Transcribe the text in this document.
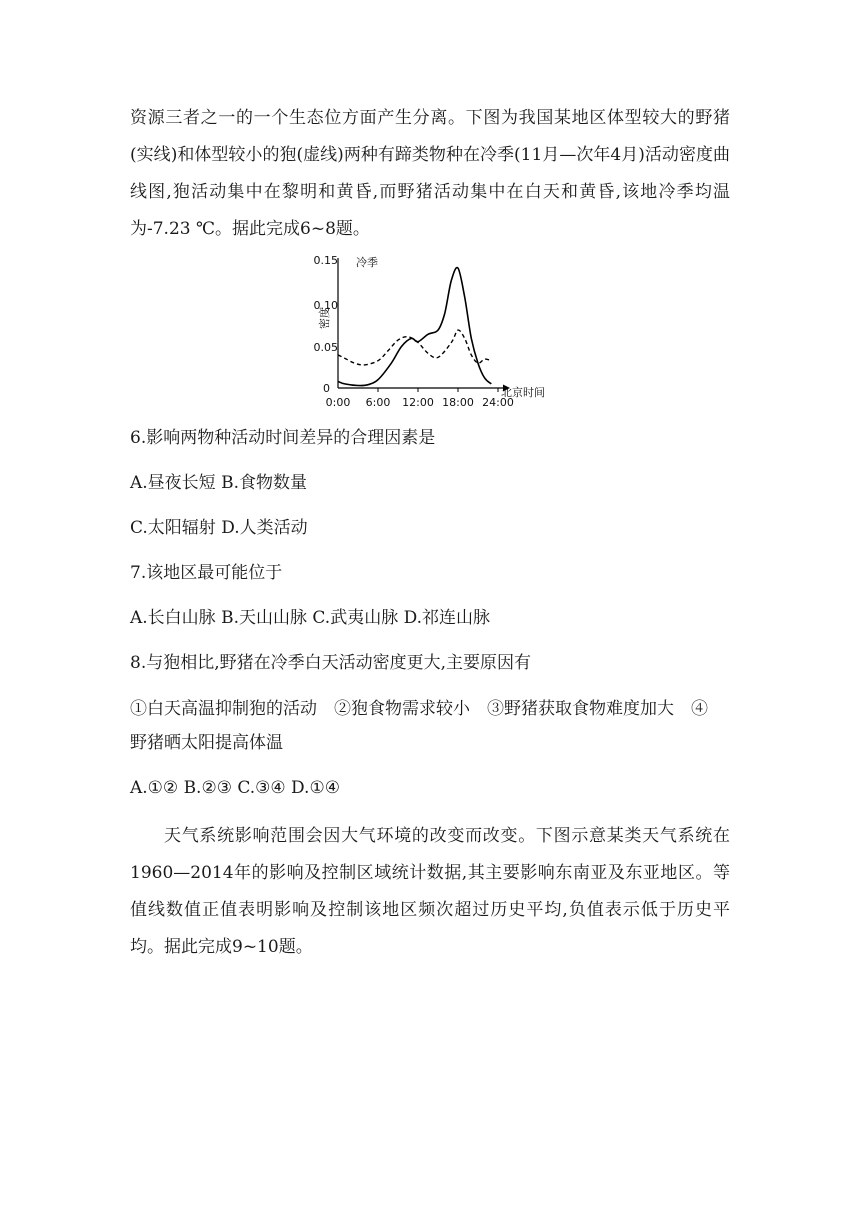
资源三者之一的一个生态位方面产生分离。下图为我国某地区体型较大的野猪(实线)和体型较小的狍(虚线)两种有蹄类物种在冷季(11月—次年4月)活动密度曲线图,狍活动集中在黎明和黄昏,而野猪活动集中在白天和黄昏,该地冷季均温为-7.23 ℃。据此完成6~8题。

0.15
0.10
0.05
0
密度
冷季
北京时间
0:00 6:00 12:00 18:00 24:00

6.影响两物种活动时间差异的合理因素是

A.昼夜长短 B.食物数量

C.太阳辐射 D.人类活动

7.该地区最可能位于

A.长白山脉 B.天山山脉 C.武夷山脉 D.祁连山脉

8.与狍相比,野猪在冷季白天活动密度更大,主要原因有

①白天高温抑制狍的活动　②狍食物需求较小　③野猪获取食物难度加大　④

野猪晒太阳提高体温

A.①② B.②③ C.③④ D.①④

天气系统影响范围会因大气环境的改变而改变。下图示意某类天气系统在1960—2014年的影响及控制区域统计数据,其主要影响东南亚及东亚地区。等值线数值正值表明影响及控制该地区频次超过历史平均,负值表示低于历史平均。据此完成9~10题。
